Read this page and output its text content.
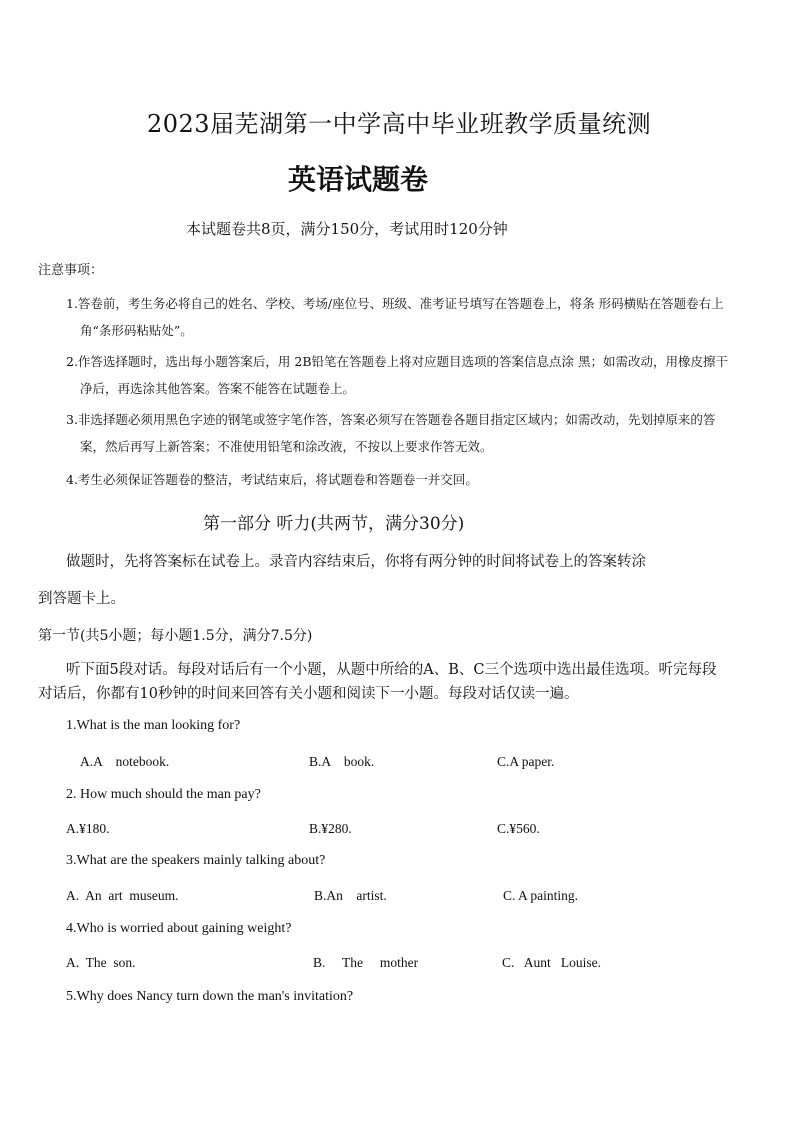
2023届芜湖第一中学高中毕业班教学质量统测
英语试题卷
本试题卷共8页，满分150分，考试用时120分钟
注意事项：
1.答卷前，考生务必将自己的姓名、学校、考场/座位号、班级、准考证号填写在答题卷上，将条 形码横贴在答题卷右上角“条形码粘贴处”。
2.作答选择题时，选出每小题答案后，用 2B铅笔在答题卷上将对应题目选项的答案信息点涂 黑；如需改动，用橡皮擦干净后，再选涂其他答案。答案不能答在试题卷上。
3.非选择题必须用黑色字迹的钢笔或签字笔作答，答案必须写在答题卷各题目指定区域内；如需改动，先划掉原来的答案，然后再写上新答案；不准使用铅笔和涂改液，不按以上要求作答无效。
4.考生必须保证答题卷的整洁，考试结束后，将试题卷和答题卷一并交回。
第一部分 听力(共两节，满分30分)
做题时，先将答案标在试卷上。录音内容结束后，你将有两分钟的时间将试卷上的答案转涂
到答题卡上。
第一节(共5小题；每小题1.5分，满分7.5分)
听下面5段对话。每段对话后有一个小题，从题中所给的A、B、C三个选项中选出最佳选项。听完每段对话后，你都有10秒钟的时间来回答有关小题和阅读下一小题。每段对话仅读一遍。
1.What is the man looking for?
A.A    notebook.	B.A    book.	C.A paper.
2. How much should the man pay?
A.¥180.	B.¥280.	C.¥560.
3.What are the speakers mainly talking about?
A.  An  art  museum.	B.An    artist.	C. A painting.
4.Who is worried about gaining weight?
A.  The  son.	B.     The     mother	C.   Aunt   Louise.
5.Why does Nancy turn down the man's invitation?
